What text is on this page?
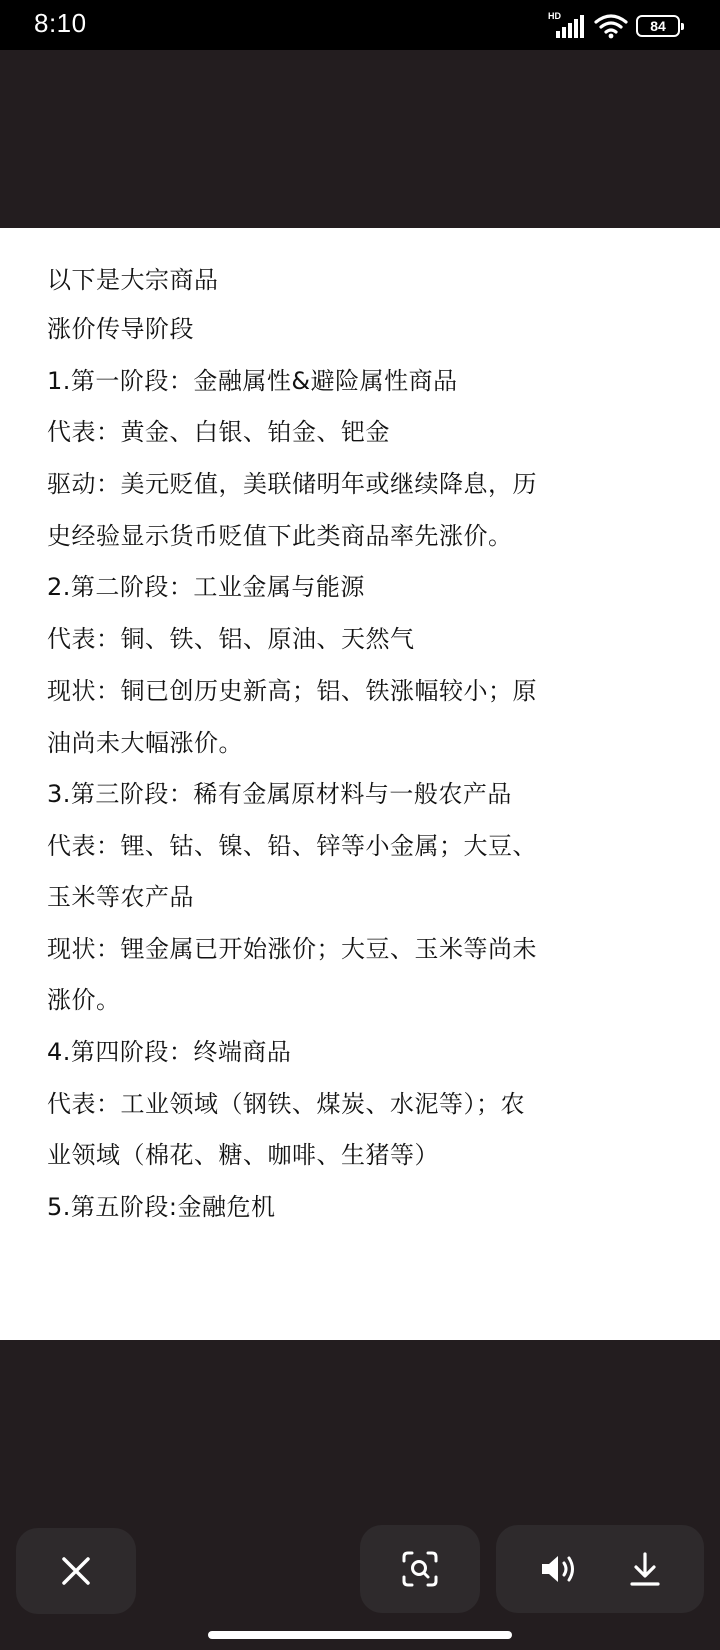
8:10	HD
84
以下是大宗商品
涨价传导阶段
1.第一阶段：金融属性&避险属性商品
代表：黄金、白银、铂金、钯金
驱动：美元贬值，美联储明年或继续降息，历
史经验显示货币贬值下此类商品率先涨价。
2.第二阶段：工业金属与能源
代表：铜、铁、铝、原油、天然气
现状：铜已创历史新高；铝、铁涨幅较小；原
油尚未大幅涨价。
3.第三阶段：稀有金属原材料与一般农产品
代表：锂、钴、镍、铅、锌等小金属；大豆、
玉米等农产品
现状：锂金属已开始涨价；大豆、玉米等尚未
涨价。
4.第四阶段：终端商品
代表：工业领域（钢铁、煤炭、水泥等）；农
业领域（棉花、糖、咖啡、生猪等）
5.第五阶段:金融危机
